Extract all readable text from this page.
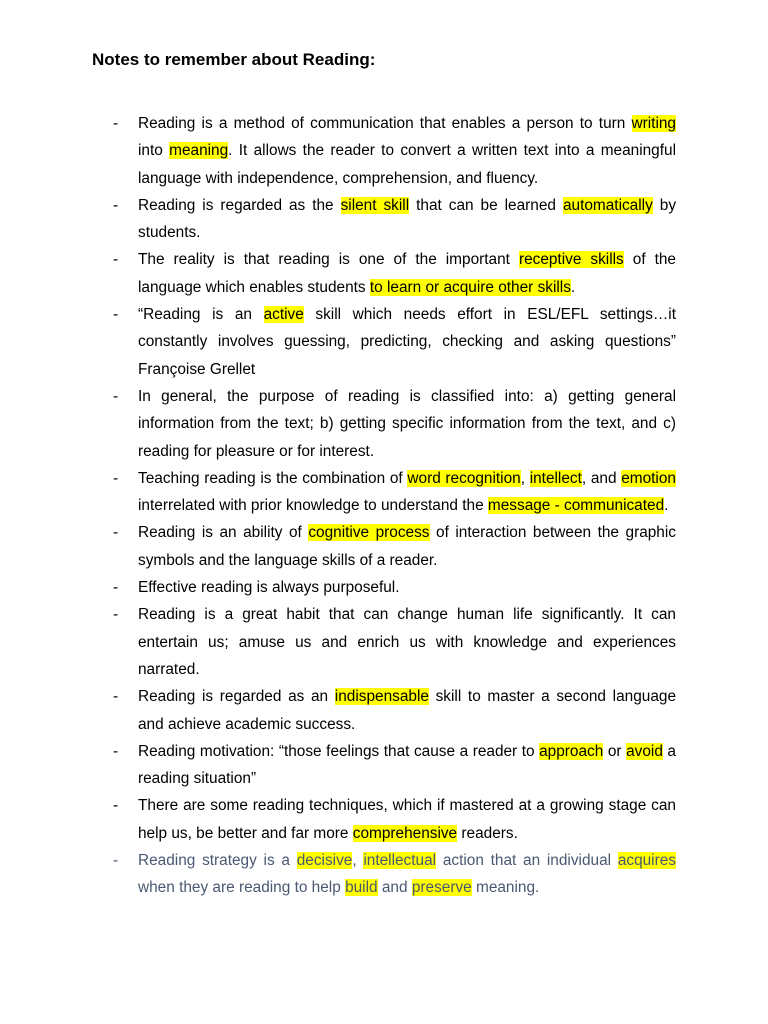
Notes to remember about Reading:
- Reading is a method of communication that enables a person to turn writing into meaning. It allows the reader to convert a written text into a meaningful language with independence, comprehension, and fluency.
- Reading is regarded as the silent skill that can be learned automatically by students.
- The reality is that reading is one of the important receptive skills of the language which enables students to learn or acquire other skills.
- “Reading is an active skill which needs effort in ESL/EFL settings…it constantly involves guessing, predicting, checking and asking questions” Françoise Grellet
- In general, the purpose of reading is classified into: a) getting general information from the text; b) getting specific information from the text, and c) reading for pleasure or for interest.
- Teaching reading is the combination of word recognition, intellect, and emotion interrelated with prior knowledge to understand the message - communicated.
- Reading is an ability of cognitive process of interaction between the graphic symbols and the language skills of a reader.
- Effective reading is always purposeful.
- Reading is a great habit that can change human life significantly. It can entertain us; amuse us and enrich us with knowledge and experiences narrated.
- Reading is regarded as an indispensable skill to master a second language and achieve academic success.
- Reading motivation: “those feelings that cause a reader to approach or avoid a reading situation”
- There are some reading techniques, which if mastered at a growing stage can help us, be better and far more comprehensive readers.
- Reading strategy is a decisive, intellectual action that an individual acquires when they are reading to help build and preserve meaning.
